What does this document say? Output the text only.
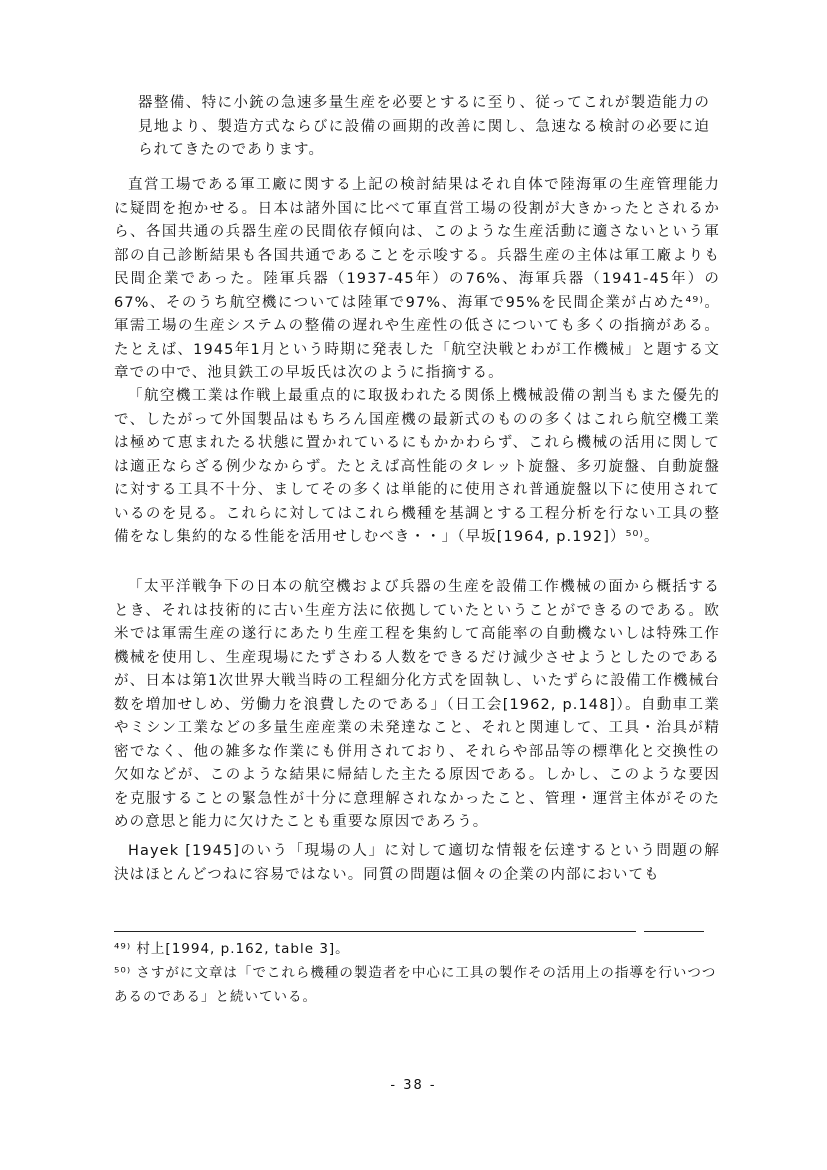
器整備、特に小銃の急速多量生産を必要とするに至り、従ってこれが製造能力の見地より、製造方式ならびに設備の画期的改善に関し、急速なる検討の必要に迫られてきたのであります。

直営工場である軍工廠に関する上記の検討結果はそれ自体で陸海軍の生産管理能力に疑問を抱かせる。日本は諸外国に比べて軍直営工場の役割が大きかったとされるから、各国共通の兵器生産の民間依存傾向は、このような生産活動に適さないという軍部の自己診断結果も各国共通であることを示唆する。兵器生産の主体は軍工廠よりも民間企業であった。陸軍兵器（1937-45年）の76%、海軍兵器（1941-45年）の67%、そのうち航空機については陸軍で97%、海軍で95%を民間企業が占めた⁴⁹⁾。軍需工場の生産システムの整備の遅れや生産性の低さについても多くの指摘がある。たとえば、1945年1月という時期に発表した「航空決戦とわが工作機械」と題する文章での中で、池貝鉄工の早坂氏は次のように指摘する。

「航空機工業は作戦上最重点的に取扱われたる関係上機械設備の割当もまた優先的で、したがって外国製品はもちろん国産機の最新式のものの多くはこれら航空機工業は極めて恵まれたる状態に置かれているにもかかわらず、これら機械の活用に関しては適正ならざる例少なからず。たとえば高性能のタレット旋盤、多刃旋盤、自動旋盤に対する工具不十分、ましてその多くは単能的に使用され普通旋盤以下に使用されているのを見る。これらに対してはこれら機種を基調とする工程分析を行ない工具の整備をなし集約的なる性能を活用せしむべき・・」（早坂[1964, p.192]）⁵⁰⁾。

「太平洋戦争下の日本の航空機および兵器の生産を設備工作機械の面から概括するとき、それは技術的に古い生産方法に依拠していたということができるのである。欧米では軍需生産の遂行にあたり生産工程を集約して高能率の自動機ないしは特殊工作機械を使用し、生産現場にたずさわる人数をできるだけ減少させようとしたのであるが、日本は第1次世界大戦当時の工程細分化方式を固執し、いたずらに設備工作機械台数を増加せしめ、労働力を浪費したのである」（日工会[1962, p.148]）。自動車工業やミシン工業などの多量生産産業の未発達なこと、それと関連して、工具・治具が精密でなく、他の雑多な作業にも併用されており、それらや部品等の標準化と交換性の欠如などが、このような結果に帰結した主たる原因である。しかし、このような要因を克服することの緊急性が十分に意理解されなかったこと、管理・運営主体がそのための意思と能力に欠けたことも重要な原因であろう。

Hayek [1945]のいう「現場の人」に対して適切な情報を伝達するという問題の解決はほとんどつねに容易ではない。同質の問題は個々の企業の内部においても

⁴⁹⁾ 村上[1994, p.162, table 3]。

⁵⁰⁾ さすがに文章は「でこれら機種の製造者を中心に工具の製作その活用上の指導を行いつつあるのである」と続いている。

- 38 -
